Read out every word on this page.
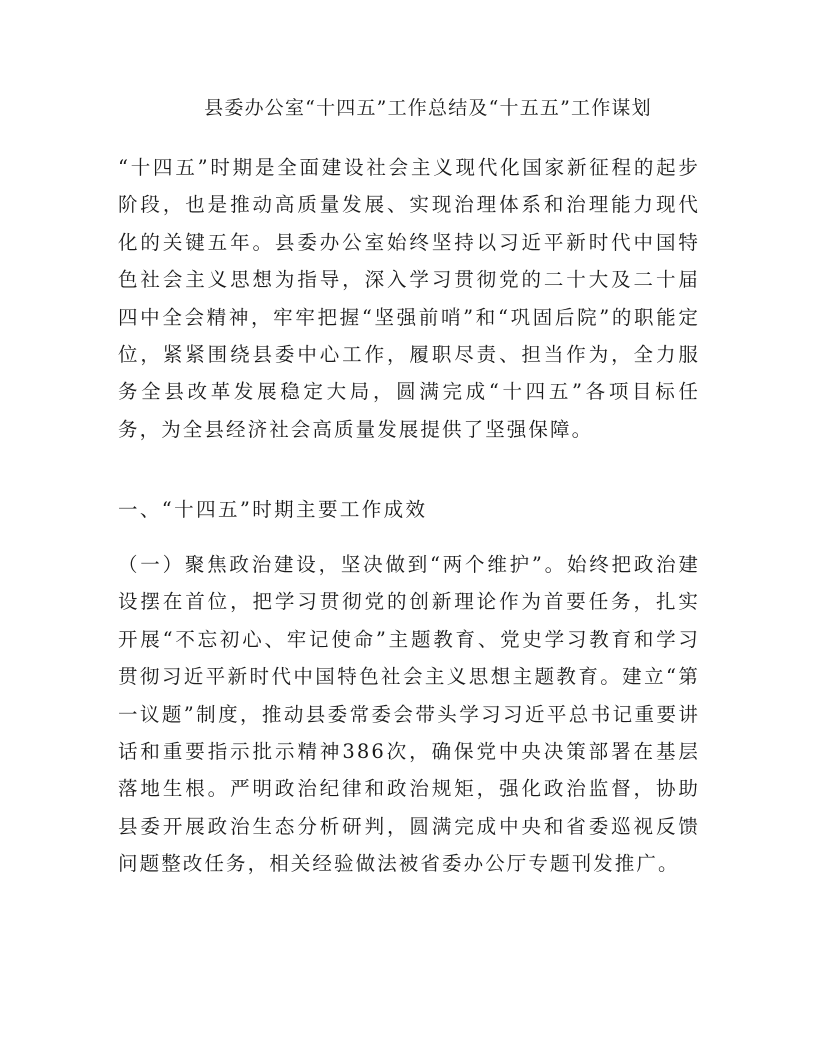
县委办公室“十四五”工作总结及“十五五”工作谋划

“十四五”时期是全面建设社会主义现代化国家新征程的起步阶段，也是推动高质量发展、实现治理体系和治理能力现代化的关键五年。县委办公室始终坚持以习近平新时代中国特色社会主义思想为指导，深入学习贯彻党的二十大及二十届四中全会精神，牢牢把握“坚强前哨”和“巩固后院”的职能定位，紧紧围绕县委中心工作，履职尽责、担当作为，全力服务全县改革发展稳定大局，圆满完成“十四五”各项目标任务，为全县经济社会高质量发展提供了坚强保障。

一、“十四五”时期主要工作成效

（一）聚焦政治建设，坚决做到“两个维护”。始终把政治建设摆在首位，把学习贯彻党的创新理论作为首要任务，扎实开展“不忘初心、牢记使命”主题教育、党史学习教育和学习贯彻习近平新时代中国特色社会主义思想主题教育。建立“第一议题”制度，推动县委常委会带头学习习近平总书记重要讲话和重要指示批示精神386次，确保党中央决策部署在基层落地生根。严明政治纪律和政治规矩，强化政治监督，协助县委开展政治生态分析研判，圆满完成中央和省委巡视反馈问题整改任务，相关经验做法被省委办公厅专题刊发推广。
